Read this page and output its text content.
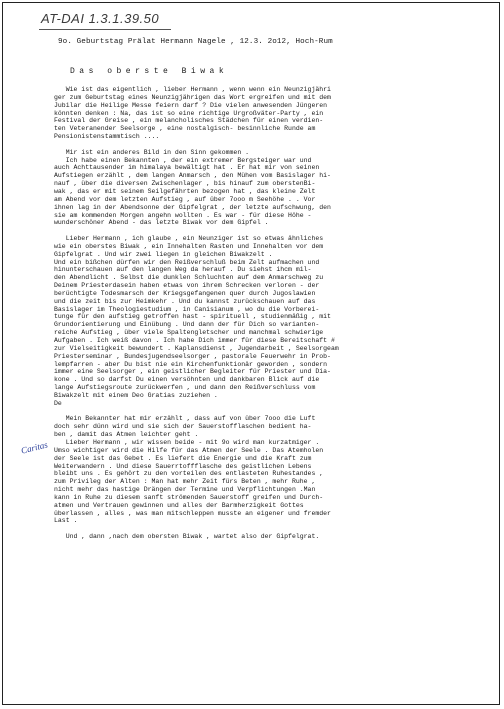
AT-DAI 1.3.1.39.50
9o. Geburtstag Prälat Hermann Nagele , 12.3. 2o12, Hoch-Rum
Das oberste Biwak

Wie ist das eigentlich , lieber Hermann , wenn wenn ein Neunzigjähri
ger zum Geburtstag eines Neunzigjährigen das Wort ergreifen und mit dem
Jubilar die Heilige Messe feiern darf ? Die vielen anwesenden Jüngeren
könnten denken : Na, das ist so eine richtige Urgroßväter-Party , ein
Festival der Greise , ein melancholisches Städchen für einen verdien-
ten Veteranender Seelsorge , eine nostalgisch- besinnliche Runde am
Pensionistenstammtisch ....

Mir ist ein anderes Bild in den Sinn gekommen .
Ich habe einen Bekannten , der ein extremer Bergsteiger war und
auch Achttausender im himalaya bewältigt hat . Er hat mir von seinen
Aufstiegen erzählt , dem langen Anmarsch , den Mühen vom Basislager hi-
nauf , über die diversen Zwischenlager , bis hinauf zum oberstenBi-
wak , das er mit seinem Seilgefährten bezogen hat , das kleine Zelt
am Abend vor dem letzten Aufstieg , auf über 7ooo m Seehöhe . . Vor
ihnen lag in der Abendsonne der Gipfelgrat , der letzte aufschwung, den
sie am kommenden Morgen angehn wollten . Es war - für diese Höhe -
wunderschöner Abend - das letzte Biwak vor dem Gipfel .

Lieber Hermann , ich glaube , ein Neunziger ist so etwas ähnliches
wie ein oberstes Biwak , ein Innehalten Rasten und Innehalten vor dem
Gipfelgrat . Und wir zwei liegen in gleichen Biwakzelt .
Und ein bißchen dürfen wir den Reißverschluß beim Zelt aufmachen und
hinunterschauen auf den langen Weg da herauf . Du siehst ihcm mil-
den Abendlicht . Selbst die dunklen Schluchten auf dem Anmarschweg zu
Deinem Priesterdasein haben etwas von ihrem Schrecken verloren - der
berüchtigte Todesmarsch der Kriegsgefangenen quer durch Jugoslawien
und die zeit bis zur Heimkehr . Und du kannst zurückschauen auf das
Basislager im Theologiestudium , in Canisianum , wo du die Vorberei-
tunge für den aufstieg getroffen hast - spirituell , studienmäßig , mit
Grundorientierung und Einübung . Und dann der für Dich so varianten-
reiche Aufstieg , über viele Spaltengletscher und manchmal schwierige
Aufgaben . Ich weiß davon . Ich habe Dich immer für diese Bereitschaft #
zur Vielseitigkeit bewundert . Kaplansdienst , Jugendarbeit , Seelsorgeam
Priesterseminar , Bundesjugendseelsorger , pastorale Feuerwehr in Prob-
lempfarren - aber Du bist nie ein Kirchenfunktionär geworden , sondern
immer eine Seelsorger , ein geistlicher Begleiter für Priester und Dia-
kone . Und so darfst Du einen versöhnten und dankbaren Blick auf die
lange Aufstiegsroute zurückwerfen , und dann den Reißverschluss vom
Biwakzelt mit einem Deo Gratias zuziehen .
De

Mein Bekannter hat mir erzählt , dass auf von über 7ooo die Luft
doch sehr dünn wird und sie sich der Sauerstofflaschen bedient ha-
ben , damit das Atmen leichter geht .
Lieber Hermann , wir wissen beide - mit 9o wird man kurzatmiger .
Umso wichtiger wird die Hilfe für das Atmen der Seele . Das Atemholen
der Seele ist das Gebet . Es liefert die Energie und die Kraft zum
Weiterwandern . Und diese Sauerrtoffflasche des geistlichen Lebens
bleibt uns . Es gehört zu den vorteilen des entlasteten Ruhestandes ,
zum Privileg der Alten : Man hat mehr Zeit fürs Beten , mehr Ruhe ,
nicht mehr das hastige Drängen der Termine und Verpflichtungen .Man
kann in Ruhe zu diesem sanft strömenden Sauerstoff greifen und Durch-
atmen und Vertrauen gewinnen und alles der Barmherzigkeit Gottes
überlassen , alles , was man mitschleppen musste an eigener und fremder
Last .

Und , dann ,nach dem obersten Biwak , wartet also der Gipfelgrat.

Caritas
